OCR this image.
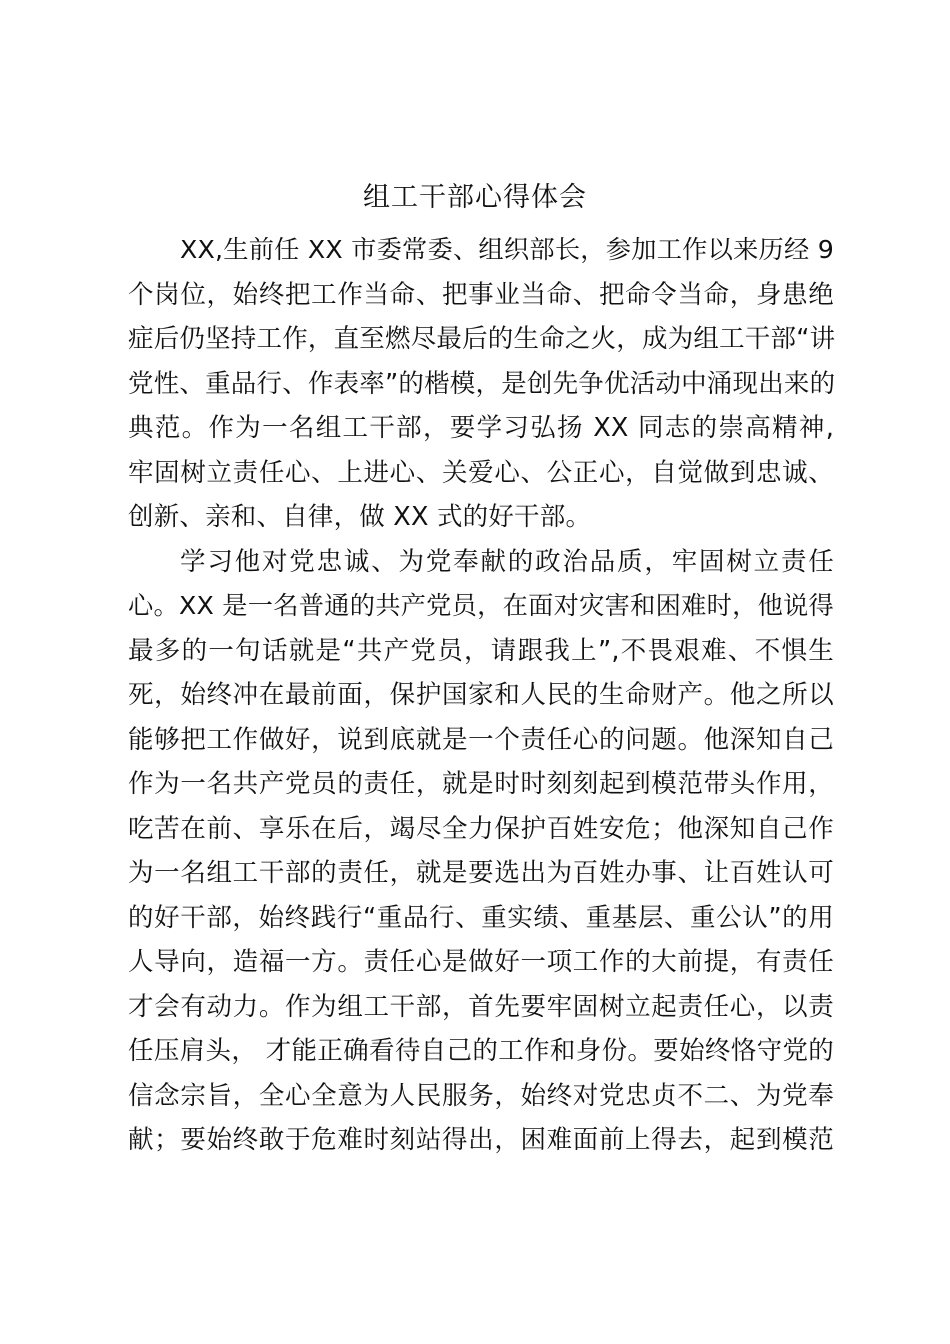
组工干部心得体会
XX,生前任 XX 市委常委、组织部长，参加工作以来历经 9
个岗位，始终把工作当命、把事业当命、把命令当命，身患绝
症后仍坚持工作，直至燃尽最后的生命之火，成为组工干部“讲
党性、重品行、作表率”的楷模，是创先争优活动中涌现出来的
典范。作为一名组工干部，要学习弘扬 XX 同志的崇高精神,
牢固树立责任心、上进心、关爱心、公正心，自觉做到忠诚、
创新、亲和、自律，做 XX 式的好干部。
学习他对党忠诚、为党奉献的政治品质，牢固树立责任
心。XX 是一名普通的共产党员，在面对灾害和困难时，他说得
最多的一句话就是“共产党员，请跟我上”,不畏艰难、不惧生
死，始终冲在最前面，保护国家和人民的生命财产。他之所以
能够把工作做好，说到底就是一个责任心的问题。他深知自己
作为一名共产党员的责任，就是时时刻刻起到模范带头作用，
吃苦在前、享乐在后，竭尽全力保护百姓安危；他深知自己作
为一名组工干部的责任，就是要选出为百姓办事、让百姓认可
的好干部，始终践行“重品行、重实绩、重基层、重公认”的用
人导向，造福一方。责任心是做好一项工作的大前提，有责任
才会有动力。作为组工干部，首先要牢固树立起责任心，以责
任压肩头， 才能正确看待自己的工作和身份。要始终恪守党的
信念宗旨，全心全意为人民服务，始终对党忠贞不二、为党奉
献；要始终敢于危难时刻站得出，困难面前上得去，起到模范
